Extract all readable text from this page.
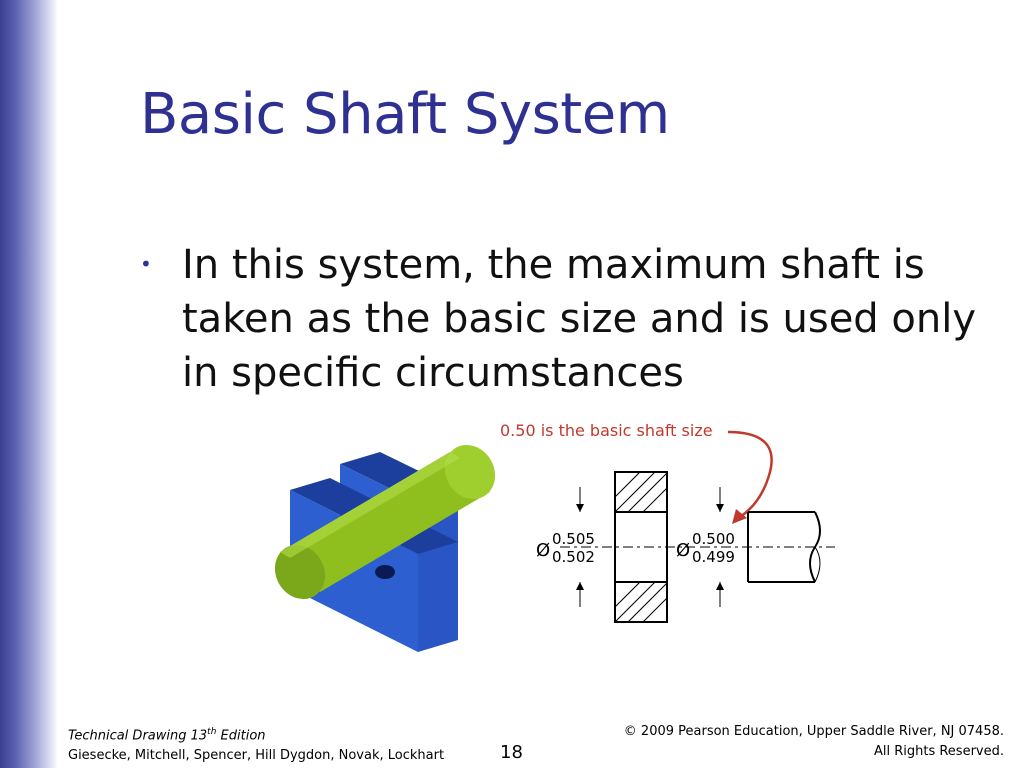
Basic Shaft System
• In this system, the maximum shaft is taken as the basic size and is used only in specific circumstances
0.50 is the basic shaft size
Ø
0.505
0.502	Ø
0.500
0.499
Technical Drawing 13th Edition
Giesecke, Mitchell, Spencer, Hill Dygdon, Novak, Lockhart	18
© 2009 Pearson Education, Upper Saddle River, NJ 07458.
All Rights Reserved.
